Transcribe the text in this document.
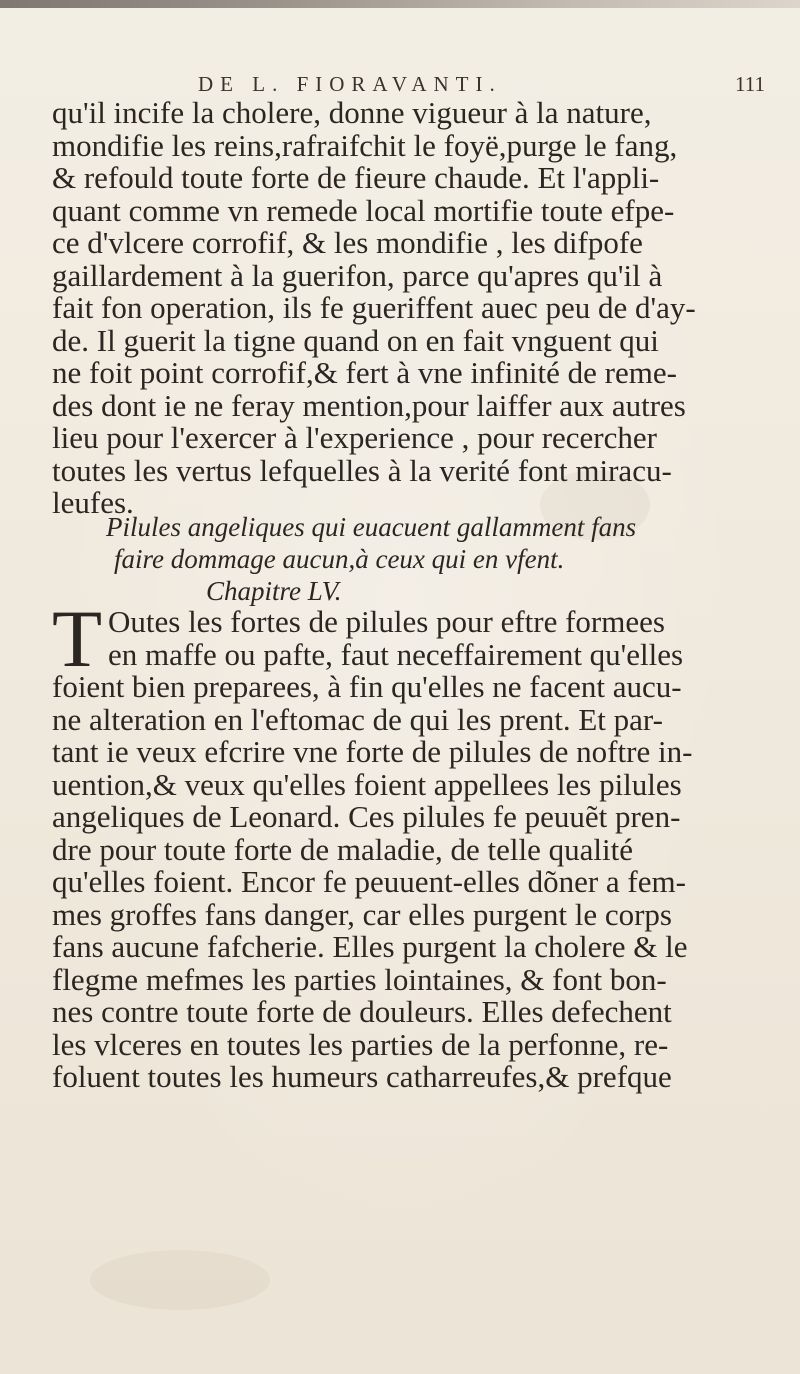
DE L. FIORAVANTI.	111
qu'il incife la cholere, donne vigueur à la nature,
mondifie les reins,rafraifchit le foyë,purge le fang,
& refould toute forte de fieure chaude. Et l'appli-
quant comme vn remede local mortifie toute efpe-
ce d'vlcere corrofif, & les mondifie , les difpofe
gaillardement à la guerifon, parce qu'apres qu'il à
fait fon operation, ils fe gueriffent auec peu de d'ay-
de. Il guerit la tigne quand on en fait vnguent qui
ne foit point corrofif,& fert à vne infinité de reme-
des dont ie ne feray mention,pour laiffer aux autres
lieu pour l'exercer à l'experience , pour recercher
toutes les vertus lefquelles à la verité font miracu-
leufes.
Pilules angeliques qui euacuent gallamment fans
faire dommage aucun,à ceux qui en vfent.
Chapitre LV.
T Outes les fortes de pilules pour eftre formees
en maffe ou pafte, faut neceffairement qu'elles
foient bien preparees, à fin qu'elles ne facent aucu-
ne alteration en l'eftomac de qui les prent. Et par-
tant ie veux efcrire vne forte de pilules de noftre in-
uention,& veux qu'elles foient appellees les pilules
angeliques de Leonard. Ces pilules fe peuuẽt pren-
dre pour toute forte de maladie, de telle qualité
qu'elles foient. Encor fe peuuent-elles dõner a fem-
mes groffes fans danger, car elles purgent le corps
fans aucune fafcherie. Elles purgent la cholere & le
flegme mefmes les parties lointaines, & font bon-
nes contre toute forte de douleurs. Elles defechent
les vlceres en toutes les parties de la perfonne, re-
foluent toutes les humeurs catharreufes,& prefque
